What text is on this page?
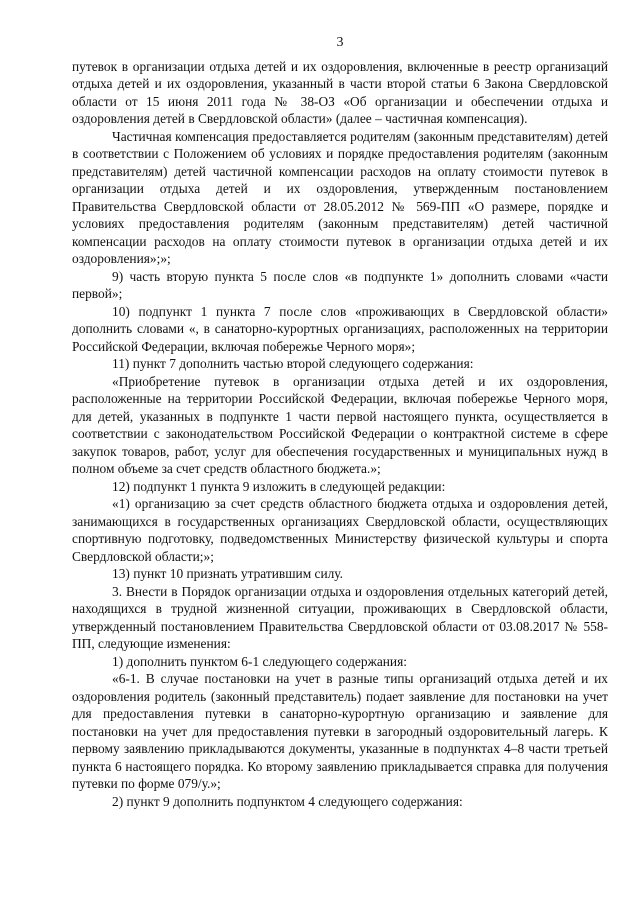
3

путевок в организации отдыха детей и их оздоровления, включенные в реестр организаций отдыха детей и их оздоровления, указанный в части второй статьи 6 Закона Свердловской области от 15 июня 2011 года № 38-ОЗ «Об организации и обеспечении отдыха и оздоровления детей в Свердловской области» (далее – частичная компенсация).

Частичная компенсация предоставляется родителям (законным представителям) детей в соответствии с Положением об условиях и порядке предоставления родителям (законным представителям) детей частичной компенсации расходов на оплату стоимости путевок в организации отдыха детей и их оздоровления, утвержденным постановлением Правительства Свердловской области от 28.05.2012 № 569-ПП «О размере, порядке и условиях предоставления родителям (законным представителям) детей частичной компенсации расходов на оплату стоимости путевок в организации отдыха детей и их оздоровления»;»;

9) часть вторую пункта 5 после слов «в подпункте 1» дополнить словами «части первой»;

10) подпункт 1 пункта 7 после слов «проживающих в Свердловской области» дополнить словами «, в санаторно-курортных организациях, расположенных на территории Российской Федерации, включая побережье Черного моря»;

11) пункт 7 дополнить частью второй следующего содержания:

«Приобретение путевок в организации отдыха детей и их оздоровления, расположенные на территории Российской Федерации, включая побережье Черного моря, для детей, указанных в подпункте 1 части первой настоящего пункта, осуществляется в соответствии с законодательством Российской Федерации о контрактной системе в сфере закупок товаров, работ, услуг для обеспечения государственных и муниципальных нужд в полном объеме за счет средств областного бюджета.»;

12) подпункт 1 пункта 9 изложить в следующей редакции:

«1) организацию за счет средств областного бюджета отдыха и оздоровления детей, занимающихся в государственных организациях Свердловской области, осуществляющих спортивную подготовку, подведомственных Министерству физической культуры и спорта Свердловской области;»;

13) пункт 10 признать утратившим силу.

3. Внести в Порядок организации отдыха и оздоровления отдельных категорий детей, находящихся в трудной жизненной ситуации, проживающих в Свердловской области, утвержденный постановлением Правительства Свердловской области от 03.08.2017 № 558-ПП, следующие изменения:

1) дополнить пунктом 6-1 следующего содержания:

«6-1. В случае постановки на учет в разные типы организаций отдыха детей и их оздоровления родитель (законный представитель) подает заявление для постановки на учет для предоставления путевки в санаторно-курортную организацию и заявление для постановки на учет для предоставления путевки в загородный оздоровительный лагерь. К первому заявлению прикладываются документы, указанные в подпунктах 4–8 части третьей пункта 6 настоящего порядка. Ко второму заявлению прикладывается справка для получения путевки по форме 079/у.»;

2) пункт 9 дополнить подпунктом 4 следующего содержания:
